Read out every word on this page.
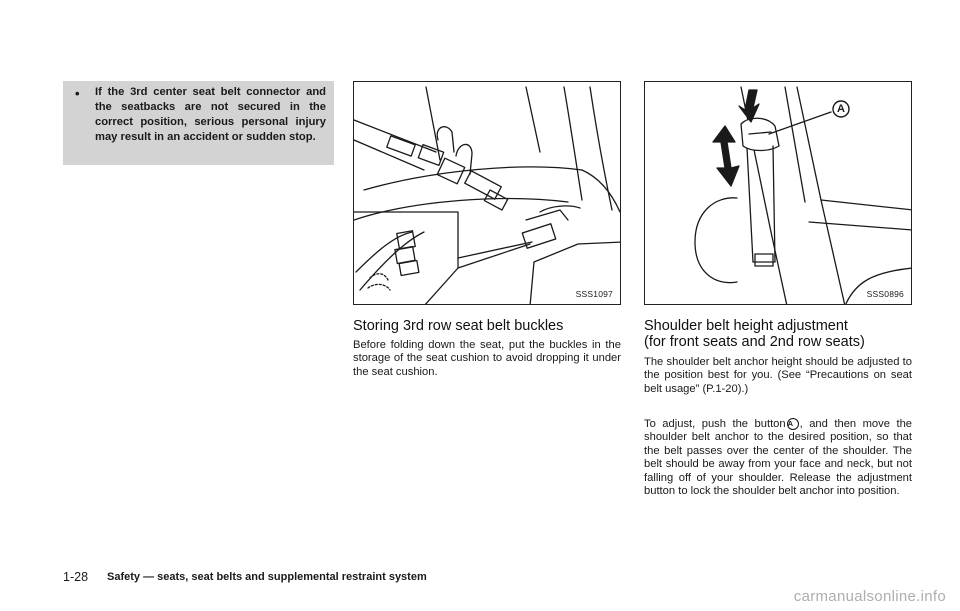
• If the 3rd center seat belt connector and the seatbacks are not secured in the correct position, serious personal injury may result in an accident or sudden stop.
SSS1097
A
SSS0896
Storing 3rd row seat belt buckles

Before folding down the seat, put the buckles in the storage of the seat cushion to avoid dropping it under the seat cushion.

Shoulder belt height adjustment
(for front seats and 2nd row seats)

The shoulder belt anchor height should be adjusted to the position best for you. (See “Precautions on seat belt usage” (P.1-20).)

To adjust, push the button A , and then move the shoulder belt anchor to the desired position, so that the belt passes over the center of the shoulder. The belt should be away from your face and neck, but not falling off of your shoulder. Release the adjustment button to lock the shoulder belt anchor into position.

1-28 Safety — seats, seat belts and supplemental restraint system
carmanualsonline.info
